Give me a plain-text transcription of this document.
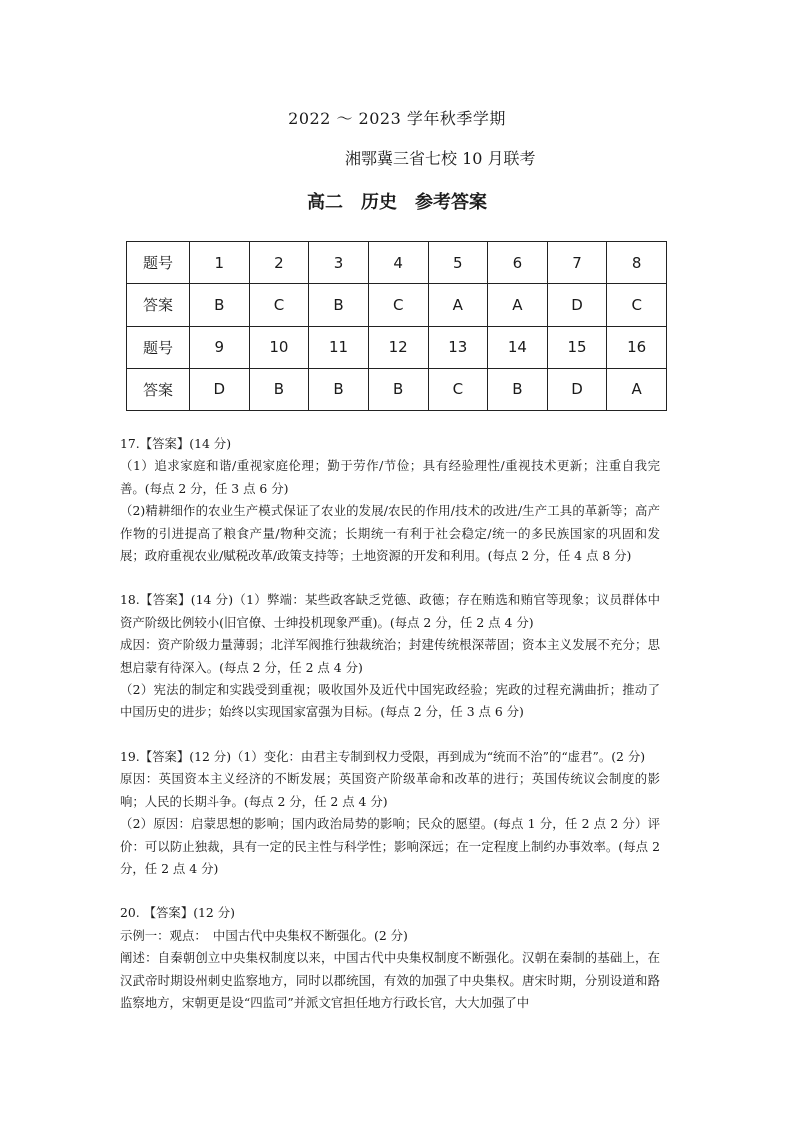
2022 ～ 2023 学年秋季学期
湘鄂冀三省七校 10 月联考
高二　历史　参考答案
题号	1	2	3	4	5	6	7	8
答案	B	C	B	C	A	A	D	C
题号	9	10	11	12	13	14	15	16
答案	D	B	B	B	C	B	D	A

17.【答案】(14 分)

（1）追求家庭和谐/重视家庭伦理；勤于劳作/节俭；具有经验理性/重视技术更新；注重自我完善。(每点 2 分，任 3 点 6 分)

（2)精耕细作的农业生产模式保证了农业的发展/农民的作用/技术的改进/生产工具的革新等；高产作物的引进提高了粮食产量/物种交流；长期统一有利于社会稳定/统一的多民族国家的巩固和发展；政府重视农业/赋税改革/政策支持等；土地资源的开发和利用。(每点 2 分，任 4 点 8 分)

18.【答案】(14 分)（1）弊端：某些政客缺乏党德、政德；存在贿选和贿官等现象；议员群体中资产阶级比例较小(旧官僚、士绅投机现象严重)。(每点 2 分，任 2 点 4 分)

成因：资产阶级力量薄弱；北洋军阀推行独裁统治；封建传统根深蒂固；资本主义发展不充分；思想启蒙有待深入。(每点 2 分，任 2 点 4 分)

（2）宪法的制定和实践受到重视；吸收国外及近代中国宪政经验；宪政的过程充满曲折；推动了中国历史的进步；始终以实现国家富强为目标。(每点 2 分，任 3 点 6 分)

19.【答案】(12 分)（1）变化：由君主专制到权力受限，再到成为“统而不治”的“虚君”。(2 分)

原因：英国资本主义经济的不断发展；英国资产阶级革命和改革的进行；英国传统议会制度的影响；人民的长期斗争。(每点 2 分，任 2 点 4 分)

（2）原因：启蒙思想的影响；国内政治局势的影响；民众的愿望。(每点 1 分，任 2 点 2 分）评价：可以防止独裁，具有一定的民主性与科学性；影响深远；在一定程度上制约办事效率。(每点 2 分，任 2 点 4 分)

20. 【答案】(12 分)

示例一：观点：　中国古代中央集权不断强化。(2 分)

阐述：自秦朝创立中央集权制度以来，中国古代中央集权制度不断强化。汉朝在秦制的基础上，在汉武帝时期设州刺史监察地方，同时以郡统国，有效的加强了中央集权。唐宋时期，分别设道和路监察地方，宋朝更是设“四监司”并派文官担任地方行政长官，大大加强了中
